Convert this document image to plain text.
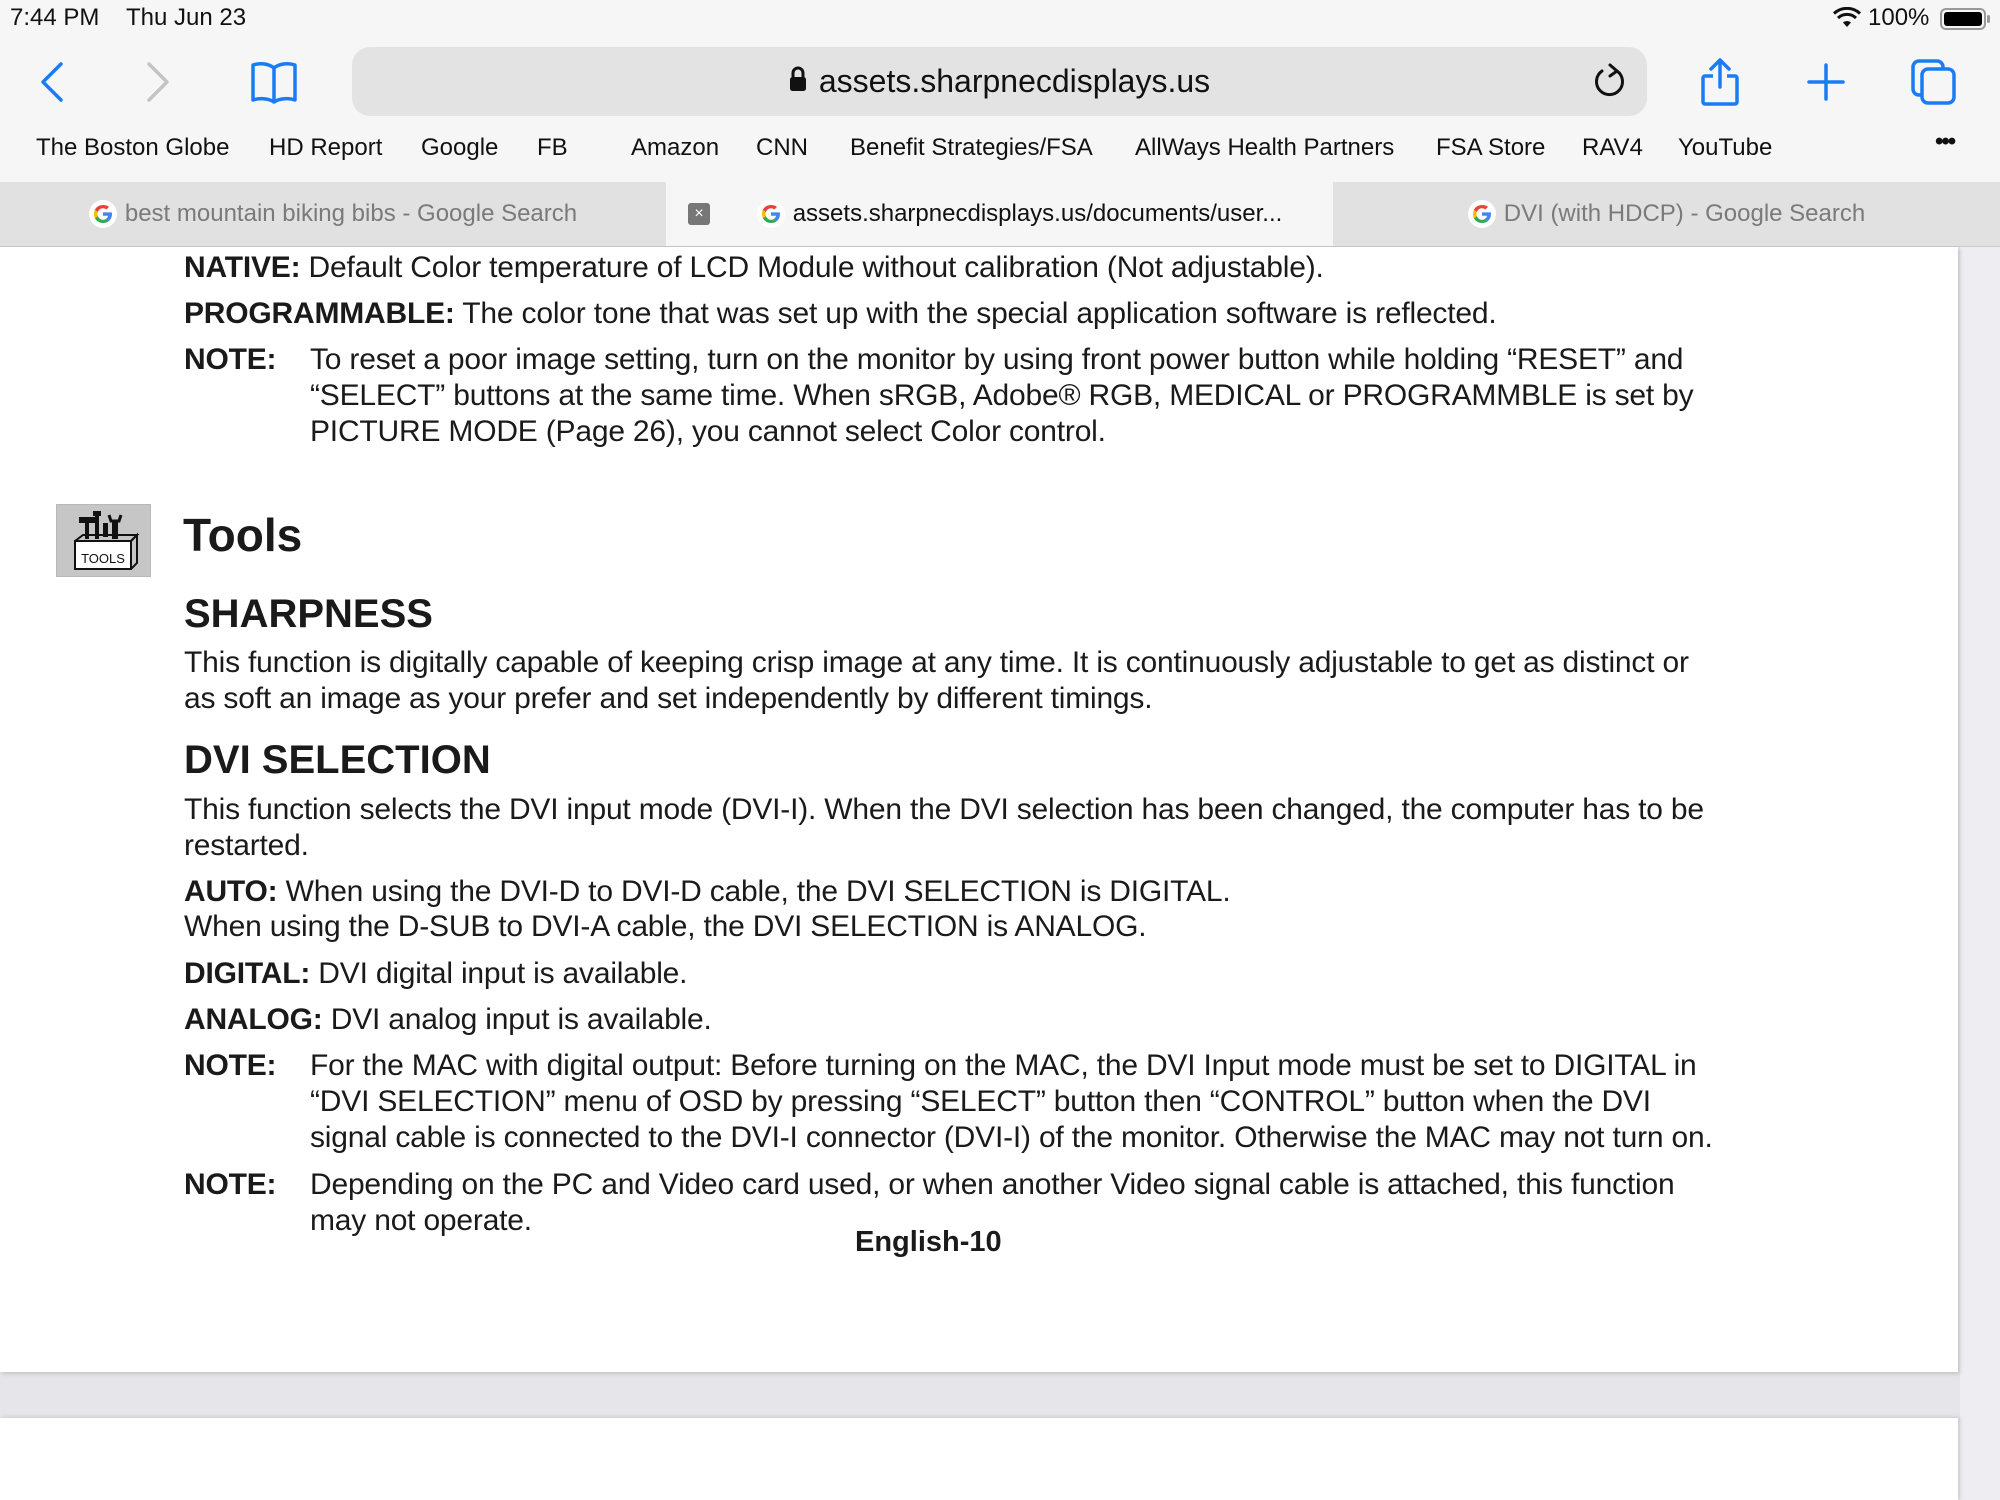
7:44 PM Thu Jun 23	100%
assets.sharpnecdisplays.us
The Boston Globe HD Report Google FB	Amazon CNN Benefit Strategies/FSA AllWays Health Partners FSA Store RAV4 YouTube	•••
best mountain biking bibs - Google Search	assets.sharpnecdisplays.us/documents/user...
×	DVI (with HDCP) - Google Search
NATIVE: Default Color temperature of LCD Module without calibration (Not adjustable).
PROGRAMMABLE: The color tone that was set up with the special application software is reflected.
NOTE: To reset a poor image setting, turn on the monitor by using front power button while holding “RESET” and
“SELECT” buttons at the same time. When sRGB, Adobe® RGB, MEDICAL or PROGRAMMBLE is set by
PICTURE MODE (Page 26), you cannot select Color control.
TOOLS Tools
SHARPNESS
This function is digitally capable of keeping crisp image at any time. It is continuously adjustable to get as distinct or
as soft an image as your prefer and set independently by different timings.
DVI SELECTION
This function selects the DVI input mode (DVI-I). When the DVI selection has been changed, the computer has to be
restarted.
AUTO: When using the DVI-D to DVI-D cable, the DVI SELECTION is DIGITAL.
When using the D-SUB to DVI-A cable, the DVI SELECTION is ANALOG.
DIGITAL: DVI digital input is available.
ANALOG: DVI analog input is available.
NOTE: For the MAC with digital output: Before turning on the MAC, the DVI Input mode must be set to DIGITAL in
“DVI SELECTION” menu of OSD by pressing “SELECT” button then “CONTROL” button when the DVI
signal cable is connected to the DVI-I connector (DVI-I) of the monitor. Otherwise the MAC may not turn on.
NOTE: Depending on the PC and Video card used, or when another Video signal cable is attached, this function
may not operate.
English-10
